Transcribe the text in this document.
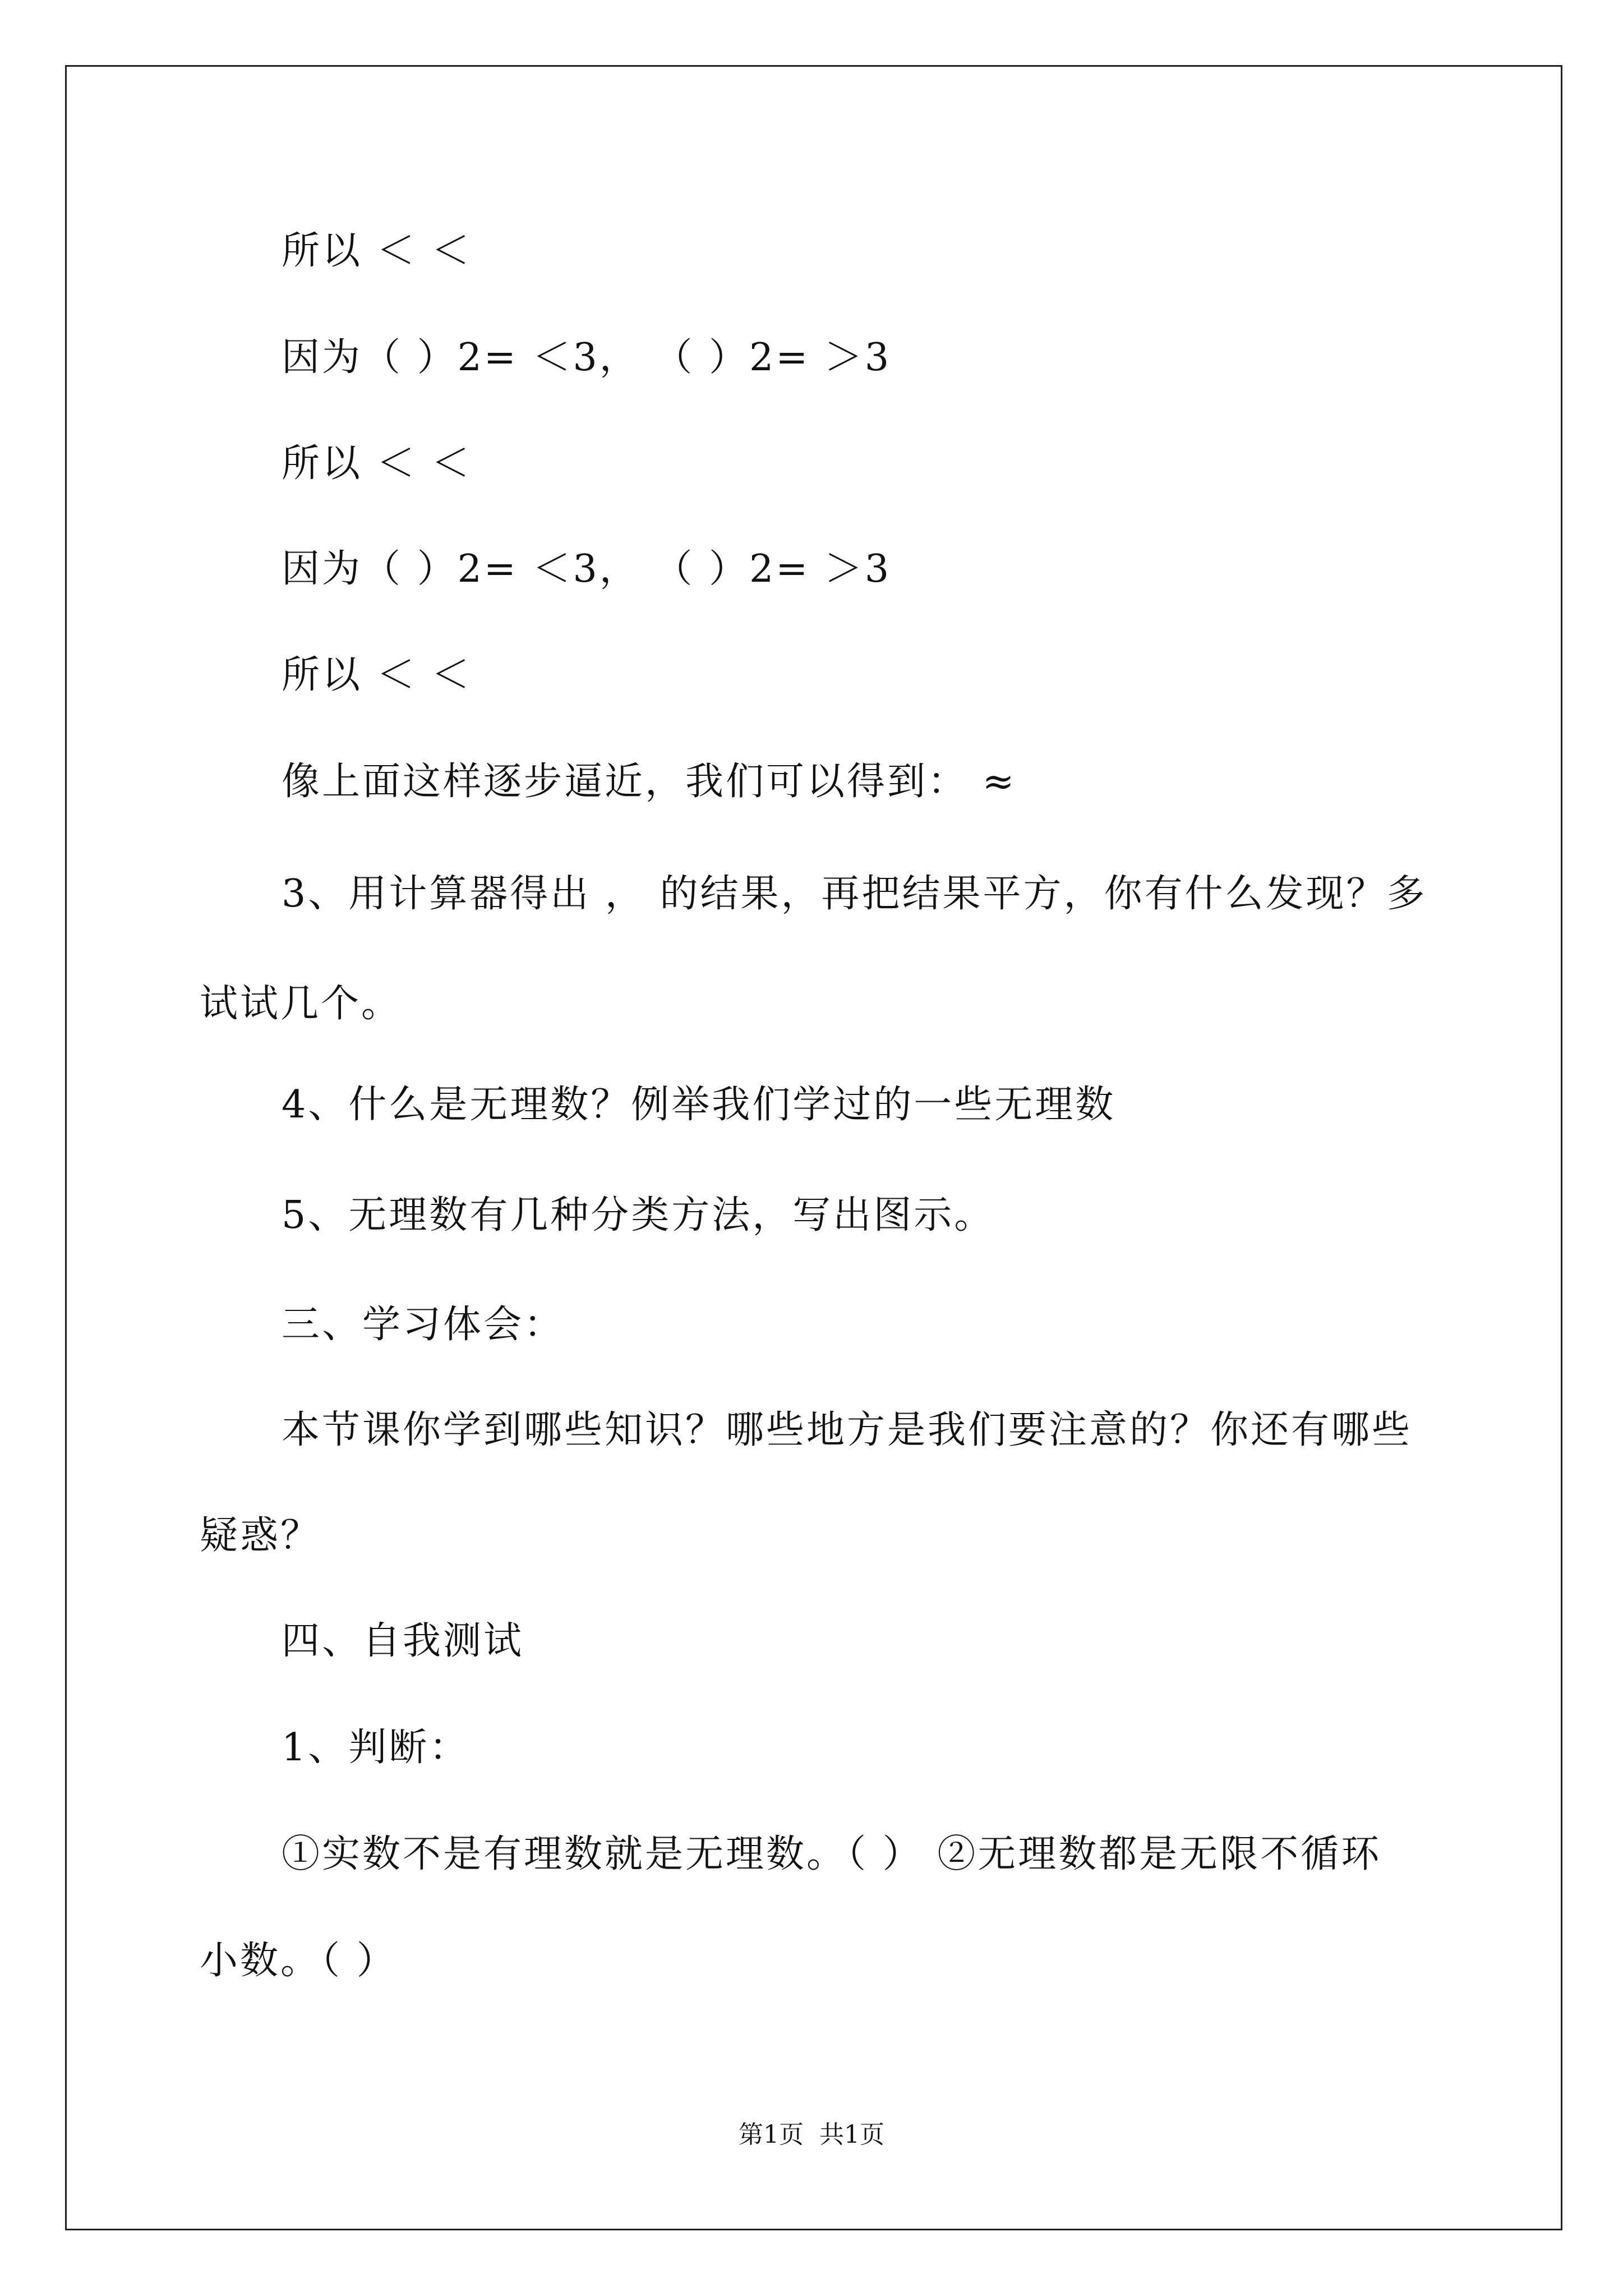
所以 ＜ ＜
因为（ ）2= ＜3， （ ）2= ＞3
所以 ＜ ＜
因为（ ）2= ＜3， （ ）2= ＞3
所以 ＜ ＜
像上面这样逐步逼近，我们可以得到： ≈
3、用计算器得出 ， 的结果，再把结果平方，你有什么发现？多
试试几个。
4、什么是无理数？例举我们学过的一些无理数
5、无理数有几种分类方法，写出图示。
三、学习体会：
本节课你学到哪些知识？哪些地方是我们要注意的？你还有哪些
疑惑？
四、自我测试
1、判断：
①实数不是有理数就是无理数。（ ） ②无理数都是无限不循环
小数。（ ）
第1页  共1页
